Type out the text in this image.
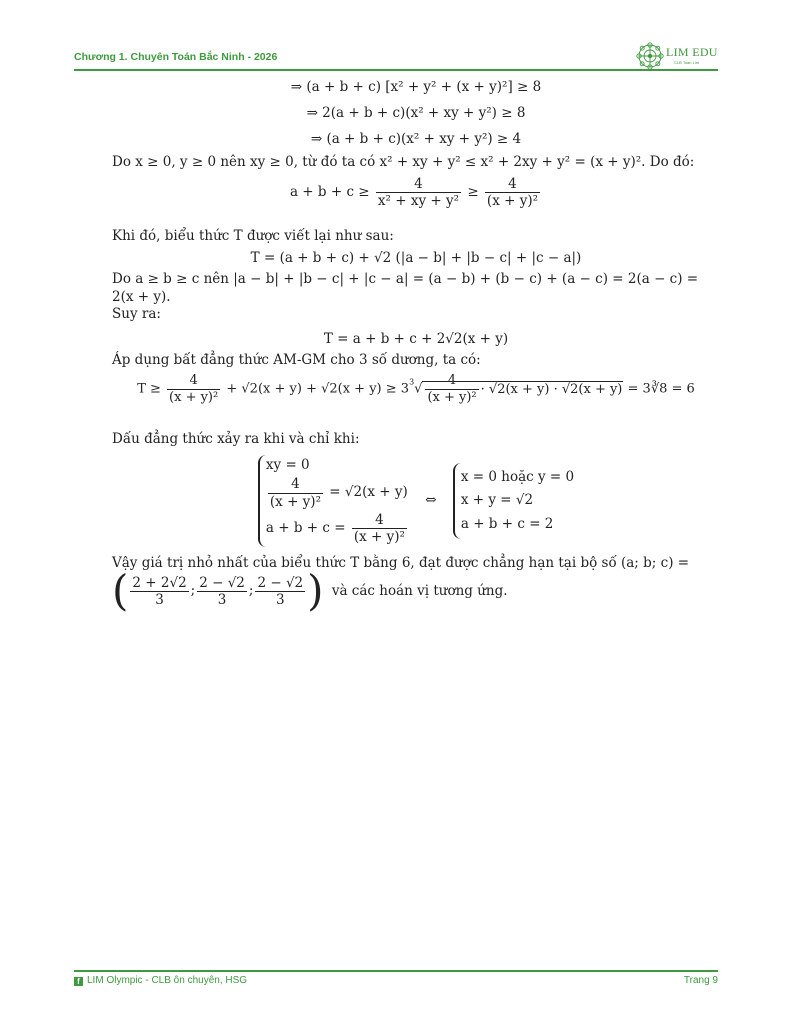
Chương 1. Chuyên Toán Bắc Ninh - 2026	LIM EDU
CLB Toán Lim

⇒ (a + b + c) [x² + y² + (x + y)²] ≥ 8

⇒ 2(a + b + c)(x² + xy + y²) ≥ 8

⇒ (a + b + c)(x² + xy + y²) ≥ 4

Do x ≥ 0, y ≥ 0 nên xy ≥ 0, từ đó ta có x² + xy + y² ≤ x² + 2xy + y² = (x + y)². Do đó:

$a + b + c \ge \frac{4}{\text{x² + xy + y²}} \ge \frac{4}{\text{(x + y)²}}$

Khi đó, biểu thức T được viết lại như sau:

T = (a + b + c) + √2 (|a − b| + |b − c| + |c − a|)

Do a ≥ b ≥ c nên |a − b| + |b − c| + |c − a| = (a − b) + (b − c) + (a − c) = 2(a − c) = 2(x + y).

Suy ra:

T = a + b + c + 2√2(x + y)

Áp dụng bất đẳng thức AM-GM cho 3 số dương, ta có:

$T \ge \frac{4}{\text{(x + y)²}} + √2(x + y) + √2(x + y) \ge 3^3√ \frac{4}{\text{(x + y)²}} \cdot √2(x + y) \cdot √2(x + y)$ = 3∛8 = 6

Dấu đẳng thức xảy ra khi và chỉ khi:

xy = 0
$\frac{4}{\text{(x + y)²}} = √2(x + y)$
$a + b + c = \frac{4}{\text{(x + y)²}}$
⇔
x = 0 hoặc y = 0
x + y = √2
a + b + c = 2

Vậy giá trị nhỏ nhất của biểu thức T bằng 6, đạt được chẳng hạn tại bộ số (a; b; c) =

( $\frac{2 + 2√2}{3}$ ; $\frac{2 - √2}{3}$ ; $\frac{2 - √2}{3}$ ) và các hoán vị tương ứng.
f LIM Olympic - CLB ôn chuyên, HSG	Trang 9
